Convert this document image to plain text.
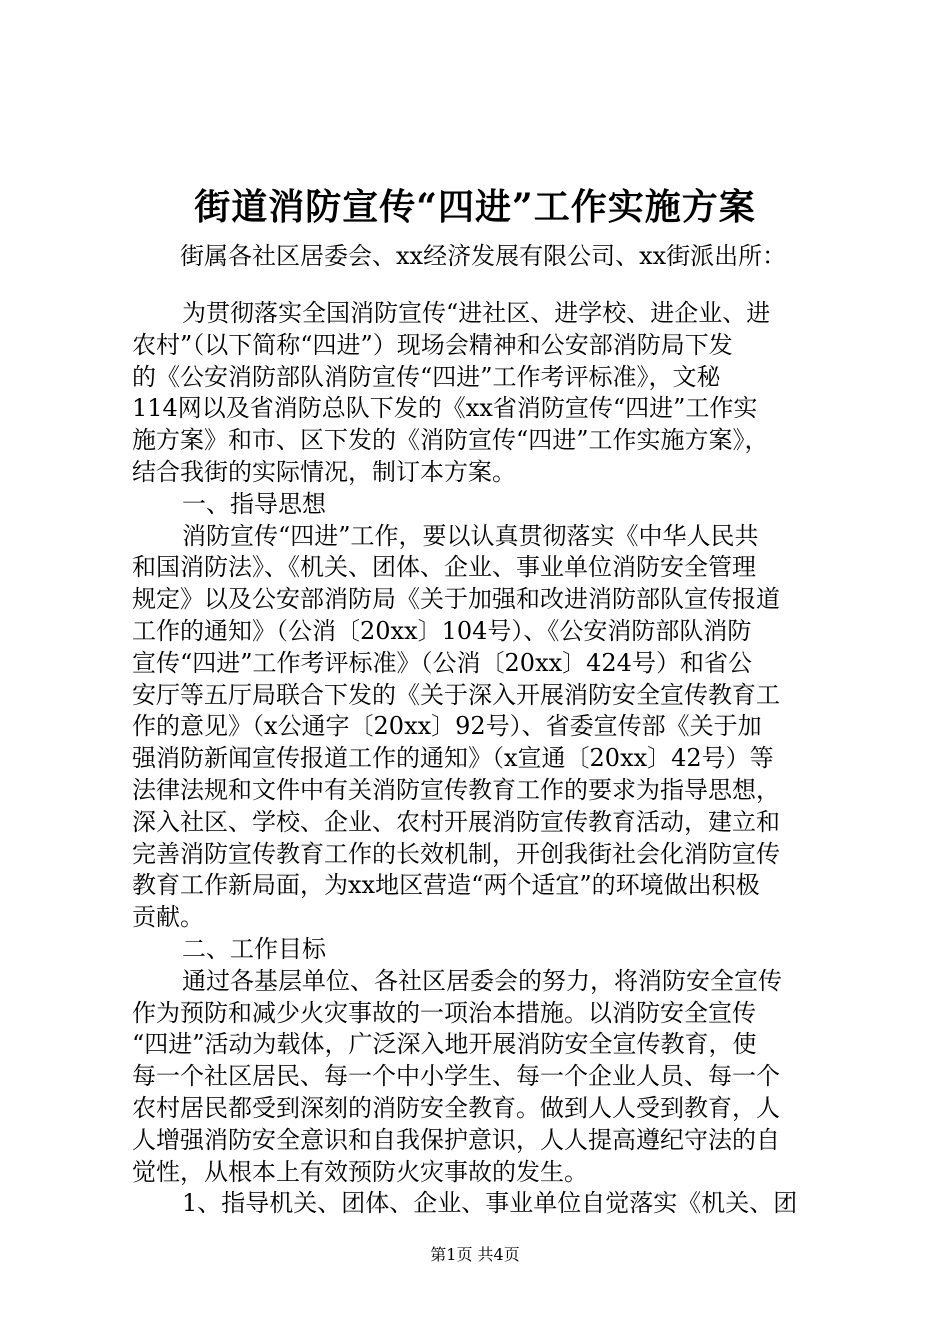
街道消防宣传“四进”工作实施方案
街属各社区居委会、xx经济发展有限公司、xx街派出所：
为贯彻落实全国消防宣传“进社区、进学校、进企业、进
农村”（以下简称“四进”）现场会精神和公安部消防局下发
的《公安消防部队消防宣传“四进”工作考评标准》，文秘
114网以及省消防总队下发的《xx省消防宣传“四进”工作实
施方案》和市、区下发的《消防宣传“四进”工作实施方案》，
结合我街的实际情况，制订本方案。
一、指导思想
消防宣传“四进”工作，要以认真贯彻落实《中华人民共
和国消防法》、《机关、团体、企业、事业单位消防安全管理
规定》以及公安部消防局《关于加强和改进消防部队宣传报道
工作的通知》（公消〔20xx〕104号）、《公安消防部队消防
宣传“四进”工作考评标准》（公消〔20xx〕424号）和省公
安厅等五厅局联合下发的《关于深入开展消防安全宣传教育工
作的意见》（x公通字〔20xx〕92号）、省委宣传部《关于加
强消防新闻宣传报道工作的通知》（x宣通〔20xx〕42号）等
法律法规和文件中有关消防宣传教育工作的要求为指导思想，
深入社区、学校、企业、农村开展消防宣传教育活动，建立和
完善消防宣传教育工作的长效机制，开创我街社会化消防宣传
教育工作新局面，为xx地区营造“两个适宜”的环境做出积极
贡献。
二、工作目标
通过各基层单位、各社区居委会的努力，将消防安全宣传
作为预防和减少火灾事故的一项治本措施。以消防安全宣传
“四进”活动为载体，广泛深入地开展消防安全宣传教育，使
每一个社区居民、每一个中小学生、每一个企业人员、每一个
农村居民都受到深刻的消防安全教育。做到人人受到教育，人
第1页 共4页
人增强消防安全意识和自我保护意识，人人提高遵纪守法的自
觉性，从根本上有效预防火灾事故的发生。
1、指导机关、团体、企业、事业单位自觉落实《机关、团
